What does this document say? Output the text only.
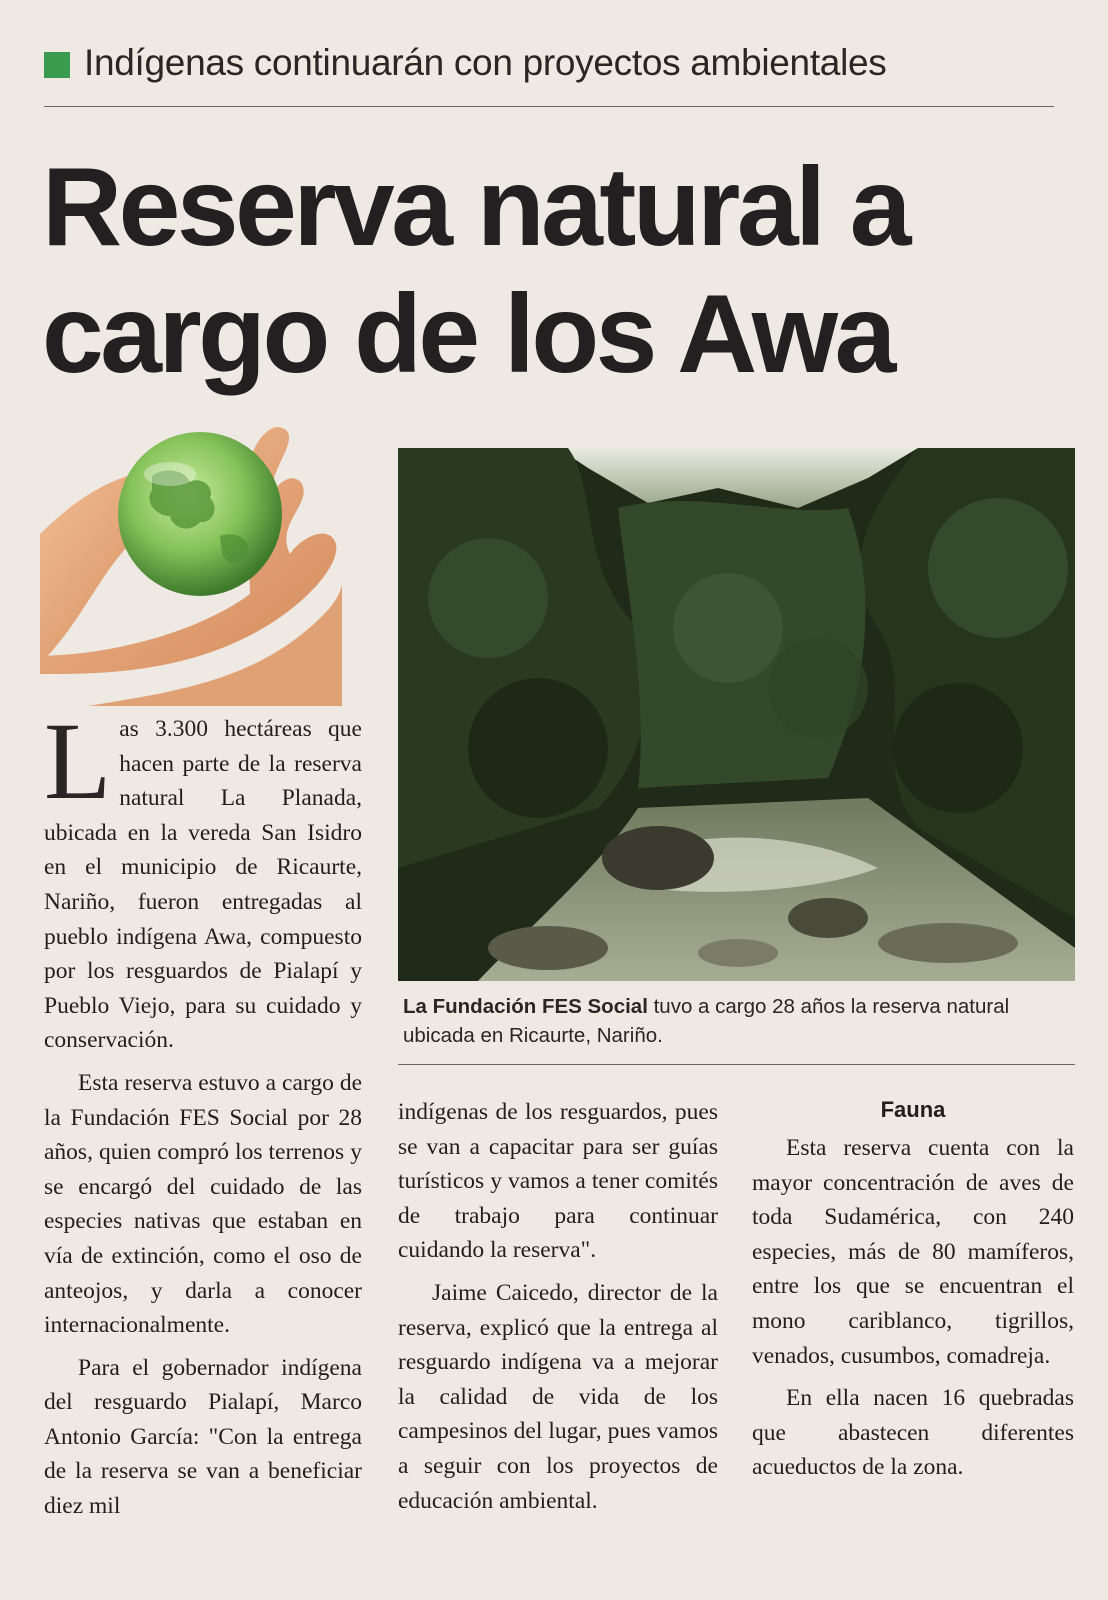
Indígenas continuarán con proyectos ambientales
Reserva natural a
cargo de los Awa
La Fundación FES Social tuvo a cargo 28 años la reserva natural ubicada en Ricaurte, Nariño.

Las 3.300 hectáreas que hacen parte de la reserva natural La Planada, ubicada en la vereda San Isidro en el municipio de Ricaurte, Nariño, fueron entregadas al pueblo indígena Awa, compuesto por los resguardos de Pialapí y Pueblo Viejo, para su cuidado y conservación.

Esta reserva estuvo a cargo de la Fundación FES Social por 28 años, quien compró los terrenos y se encargó del cuidado de las especies nativas que estaban en vía de extinción, como el oso de anteojos, y darla a conocer internacionalmente.

Para el gobernador indígena del resguardo Pialapí, Marco Antonio García: "Con la entrega de la reserva se van a beneficiar diez mil

indígenas de los resguardos, pues se van a capacitar para ser guías turísticos y vamos a tener comités de trabajo para continuar cuidando la reserva".

Jaime Caicedo, director de la reserva, explicó que la entrega al resguardo indígena va a mejorar la calidad de vida de los campesinos del lugar, pues vamos a seguir con los proyectos de educación ambiental.

Fauna

Esta reserva cuenta con la mayor concentración de aves de toda Sudamérica, con 240 especies, más de 80 mamíferos, entre los que se encuentran el mono cariblanco, tigrillos, venados, cusumbos, comadreja.

En ella nacen 16 quebradas que abastecen diferentes acueductos de la zona.
